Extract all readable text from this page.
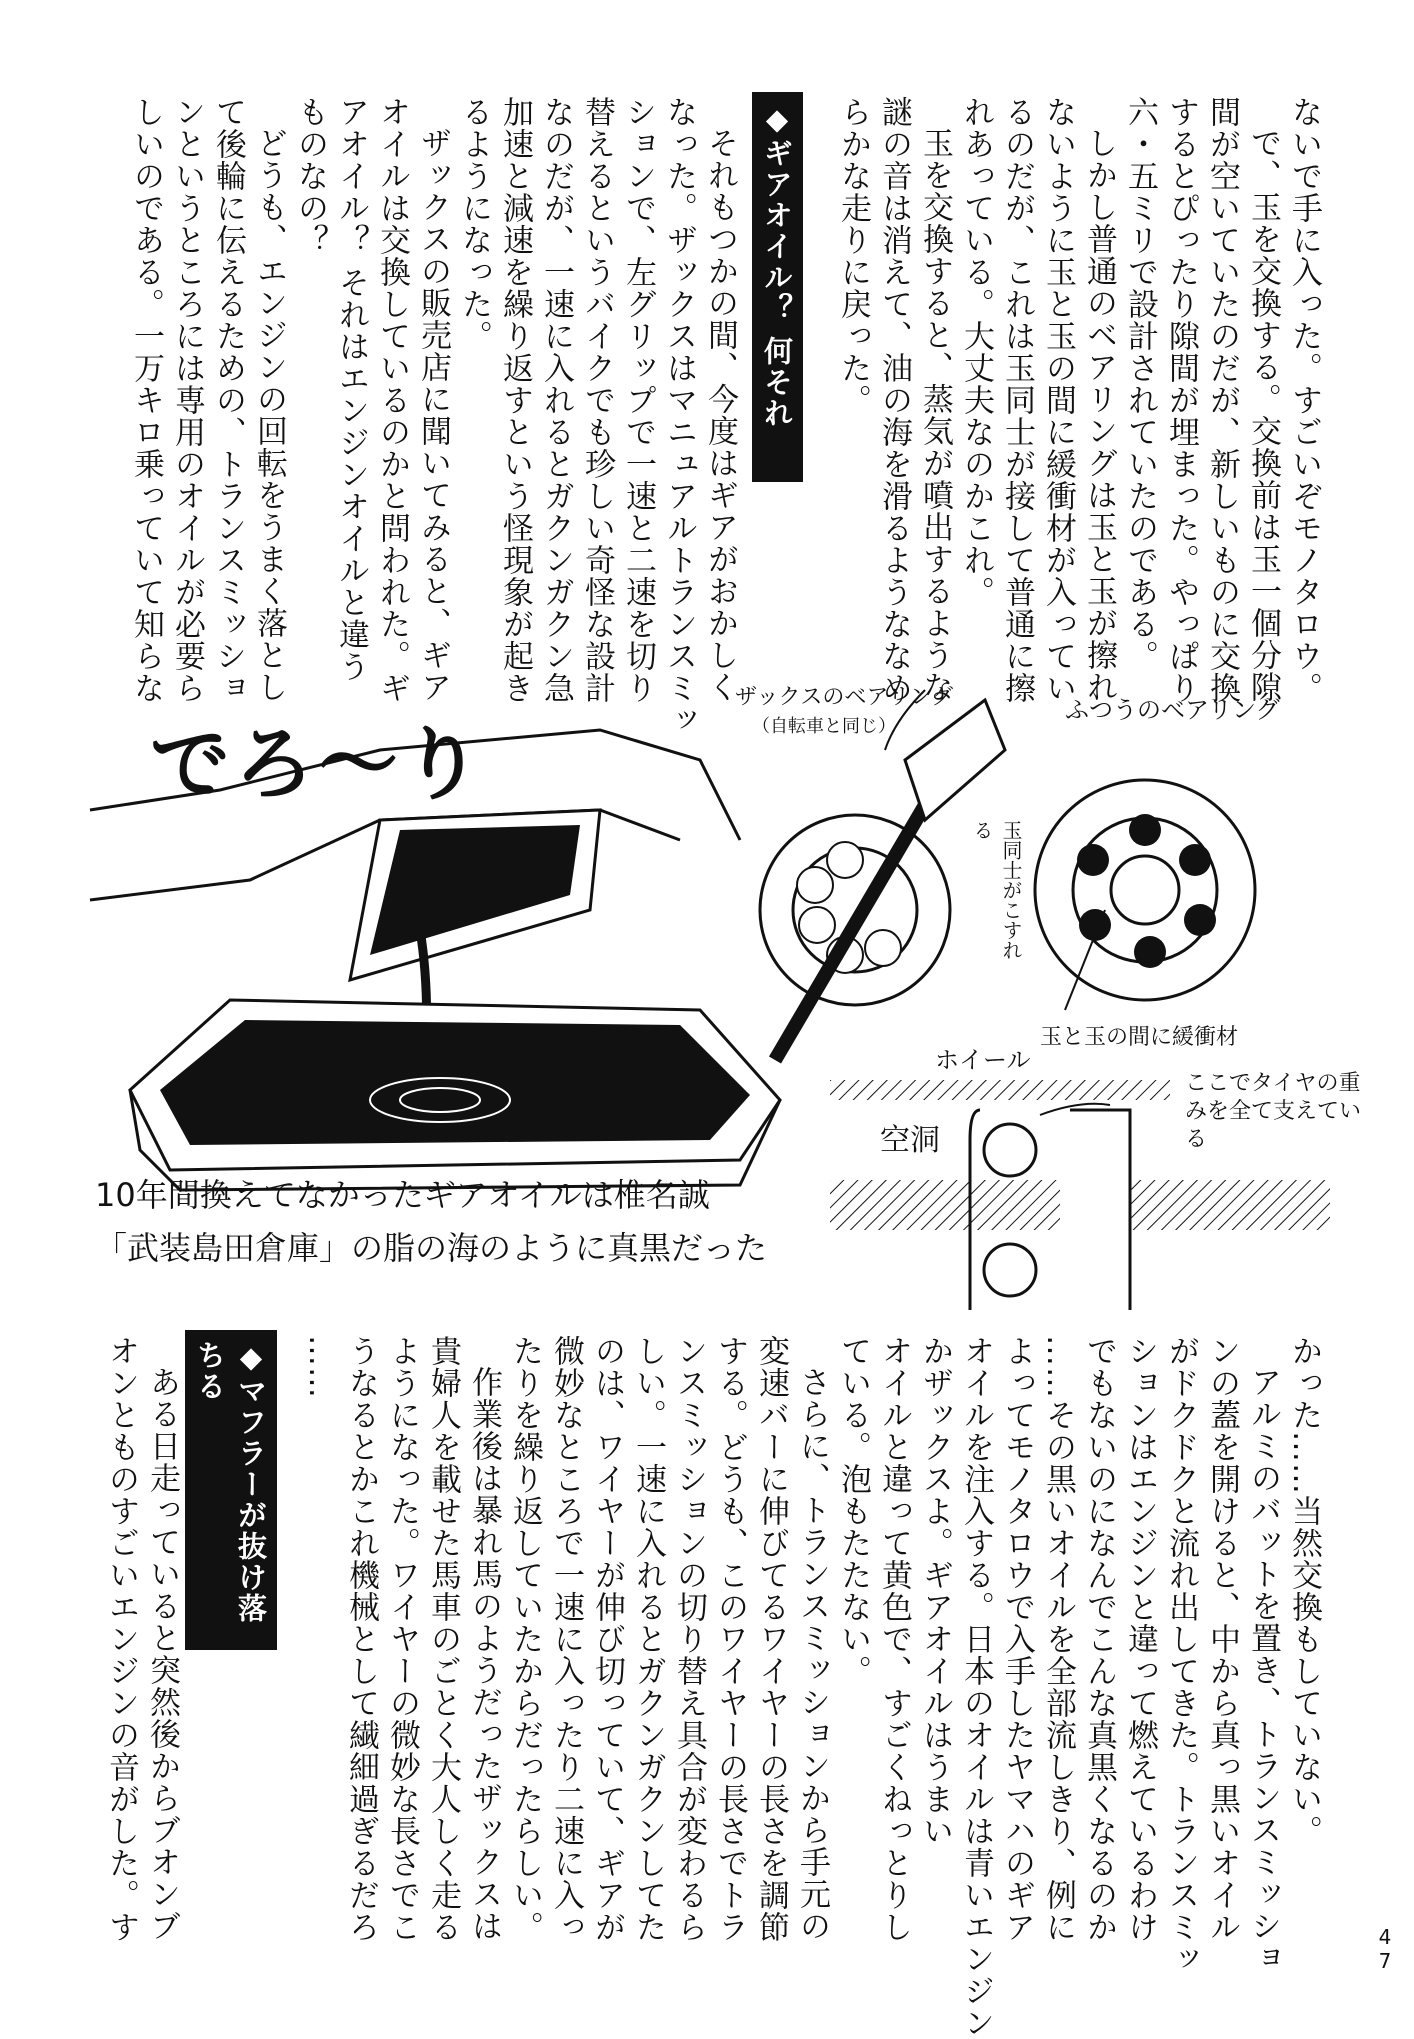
ないで手に入った。すごいぞモノタロウ。

で、玉を交換する。交換前は玉一個分隙

間が空いていたのだが、新しいものに交換

するとぴったり隙間が埋まった。やっぱり

六・五ミリで設計されていたのである。

しかし普通のベアリングは玉と玉が擦れ

ないように玉と玉の間に緩衝材が入ってい

るのだが、これは玉同士が接して普通に擦

れあっている。大丈夫なのかこれ。

玉を交換すると、蒸気が噴出するような

謎の音は消えて、油の海を滑るようななめ

らかな走りに戻った。

◆ギアオイル？ 何それ

それもつかの間、今度はギアがおかしく

なった。ザックスはマニュアルトランスミッ

ションで、左グリップで一速と二速を切り

替えるというバイクでも珍しい奇怪な設計

なのだが、一速に入れるとガクンガクン急

加速と減速を繰り返すという怪現象が起き

るようになった。

ザックスの販売店に聞いてみると、ギア

オイルは交換しているのかと問われた。ギ

アオイル？ それはエンジンオイルと違う

ものなの？

どうも、エンジンの回転をうまく落とし

て後輪に伝えるための、トランスミッショ

ンというところには専用のオイルが必要ら

しいのである。一万キロ乗っていて知らな

でろ〜り
10年間換えてなかったギアオイルは椎名誠
「武装島田倉庫」の脂の海のように真黒だった
ザックスのベアリング
（自転車と同じ）
ふつうのベアリング
玉同士がこすれる
玉と玉の間に緩衝材
ホイール
空洞
ここでタイヤの重みを全て支えている

かった……当然交換もしていない。

アルミのバットを置き、トランスミッショ

ンの蓋を開けると、中から真っ黒いオイル

がドクドクと流れ出してきた。トランスミッ

ションはエンジンと違って燃えているわけ

でもないのになんでこんな真黒くなるのか

……その黒いオイルを全部流しきり、例に

よってモノタロウで入手したヤマハのギア

オイルを注入する。日本のオイルは青いエンジン

かザックスよ。ギアオイルはうまい

オイルと違って黄色で、すごくねっとりし

ている。泡もたたない。

さらに、トランスミッションから手元の

変速バーに伸びてるワイヤーの長さを調節

する。どうも、このワイヤーの長さでトラ

ンスミッションの切り替え具合が変わるら

しい。一速に入れるとガクンガクンしてた

のは、ワイヤーが伸び切っていて、ギアが

微妙なところで一速に入ったり二速に入っ

たりを繰り返していたからだったらしい。

作業後は暴れ馬のようだったザックスは

貴婦人を載せた馬車のごとく大人しく走る

ようになった。ワイヤーの微妙な長さでこ

うなるとかこれ機械として繊細過ぎるだろ

……

◆マフラーが抜け落ちる

ある日走っていると突然後からブオンブ

オンとものすごいエンジンの音がした。す	4
7
